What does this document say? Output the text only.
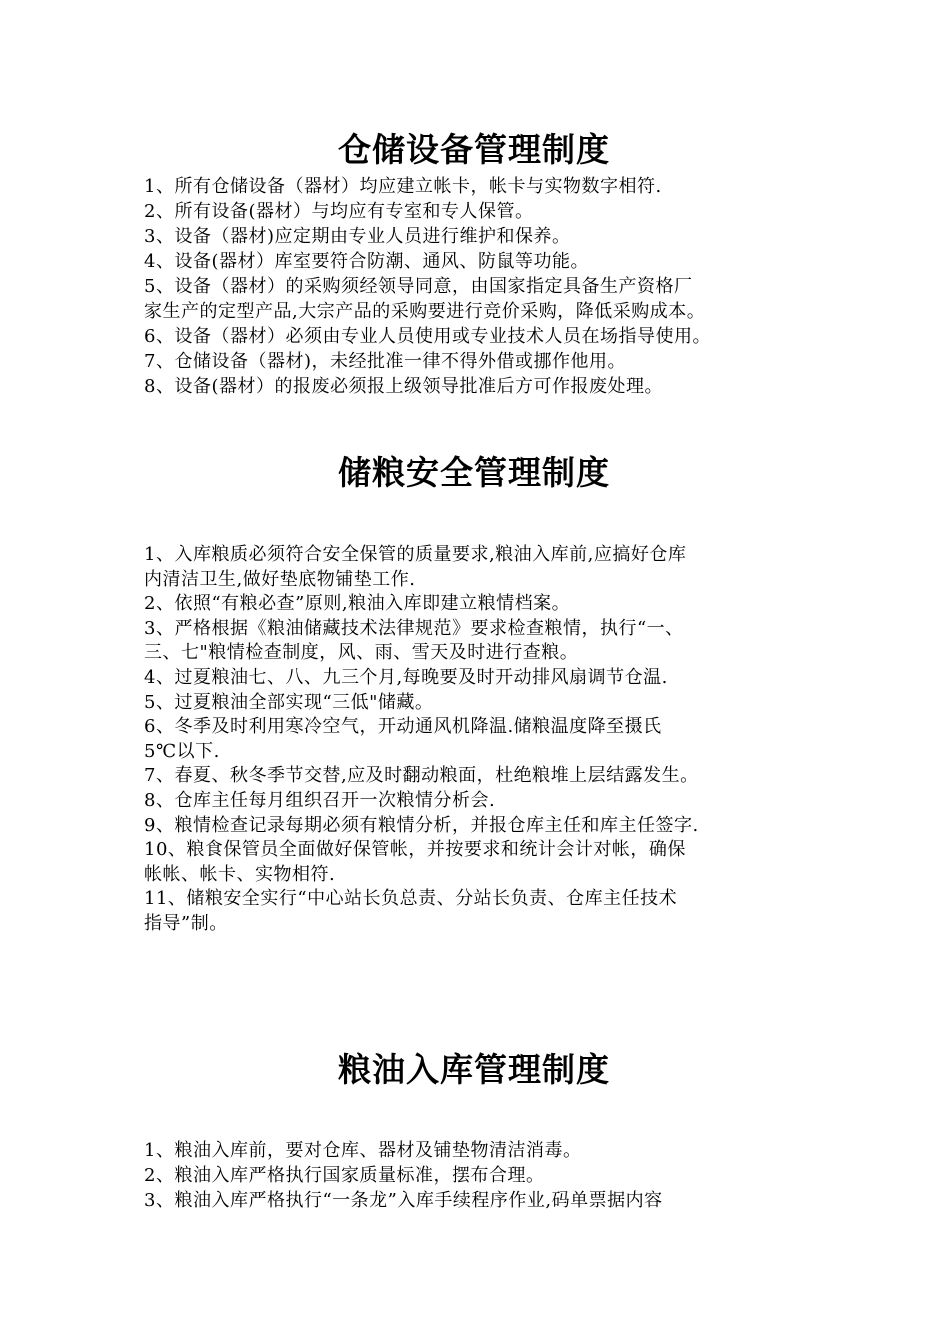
仓储设备管理制度
1、所有仓储设备（器材）均应建立帐卡，帐卡与实物数字相符.
2、所有设备(器材）与均应有专室和专人保管。
3、设备（器材)应定期由专业人员进行维护和保养。
4、设备(器材）库室要符合防潮、通风、防鼠等功能。
5、设备（器材）的采购须经领导同意，由国家指定具备生产资格厂
家生产的定型产品,大宗产品的采购要进行竞价采购，降低采购成本。
6、设备（器材）必须由专业人员使用或专业技术人员在场指导使用。
7、仓储设备（器材)，未经批准一律不得外借或挪作他用。
8、设备(器材）的报废必须报上级领导批准后方可作报废处理。
储粮安全管理制度
1、入库粮质必须符合安全保管的质量要求,粮油入库前,应搞好仓库
内清洁卫生,做好垫底物铺垫工作.
2、依照“有粮必查”原则,粮油入库即建立粮情档案。
3、严格根据《粮油储藏技术法律规范》要求检查粮情，执行“一、
三、七"粮情检查制度，风、雨、雪天及时进行查粮。
4、过夏粮油七、八、九三个月,每晚要及时开动排风扇调节仓温.
5、过夏粮油全部实现“三低"储藏。
6、冬季及时利用寒冷空气，开动通风机降温.储粮温度降至摄氏
5℃以下.
7、春夏、秋冬季节交替,应及时翻动粮面，杜绝粮堆上层结露发生。
8、仓库主任每月组织召开一次粮情分析会.
9、粮情检查记录每期必须有粮情分析，并报仓库主任和库主任签字.
10、粮食保管员全面做好保管帐，并按要求和统计会计对帐，确保
帐帐、帐卡、实物相符.
11、储粮安全实行“中心站长负总责、分站长负责、仓库主任技术
指导”制。
粮油入库管理制度
1、粮油入库前，要对仓库、器材及铺垫物清洁消毒。
2、粮油入库严格执行国家质量标准，摆布合理。
3、粮油入库严格执行“一条龙”入库手续程序作业,码单票据内容
